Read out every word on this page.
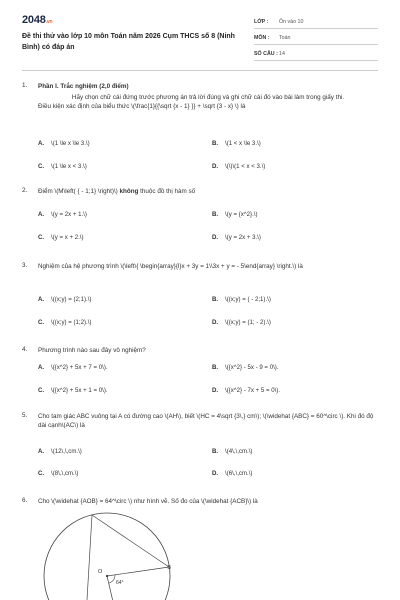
2048.vn
Đề thi thử vào lớp 10 môn Toán năm 2026 Cụm THCS số 8 (Ninh Bình) có đáp án
LỚP :	Ôn vào 10
MÔN :	Toán
SỐ CÂU : 14
1. Phần I. Trắc nghiệm (2,0 điểm)
Hãy chọn chữ cái đứng trước phương án trả lời đúng và ghi chữ cái đó vào bài làm trong giấy thi.
Điều kiện xác định của biểu thức \(\frac{1}{{\sqrt {x - 1} }} + \sqrt {3 - x} \) là
A. \(1 \le x \le 3.\)	B. \(1 < x \le 3.\)
C. \(1 \le x < 3.\)	D. \(\)\(1 < x < 3.\)
2. Điểm \(M\left( { - 1;1} \right)\) không thuộc đồ thị hàm số
A. \(y = 2x + 1.\)	B. \(y = {x^2}.\)
C. \(y = x + 2.\)	D. \(y = 2x + 3.\)
3. Nghiệm của hệ phương trình \(\left\{ \begin{array}{l}x + 3y = 1\\3x + y = - 5\end{array} \right.\) là
A. \((x;y) = (2;1).\)	B. \((x;y) = ( - 2;1).\)
C. \((x;y) = (1;2).\)	D. \((x;y) = (1; - 2).\)
4. Phương trình nào sau đây vô nghiệm?
A. \({x^2} + 5x + 7 = 0\).	B. \({x^2} - 5x - 9 = 0\).
C. \({x^2} + 5x + 1 = 0\).	D. \({x^2} - 7x + 5 = 0\).
5. Cho tam giác ABC vuông tại A có đường cao \(AH\), biết \(HC = 4\sqrt {3\,} cm\); \(\widehat {ABC} = 60^\circ \). Khi đó độ dài cạnh\(AC\) là
A. \(12\,\,cm.\)	B. \(4\,\,cm.\)
C. \(8\,\,cm.\)	D. \(6\,\,cm.\)
6. Cho \(\widehat {AOB} = 64^\circ \) như hình vẽ. Số đo của \(\widehat {ACB}\) là
O
64°
B
